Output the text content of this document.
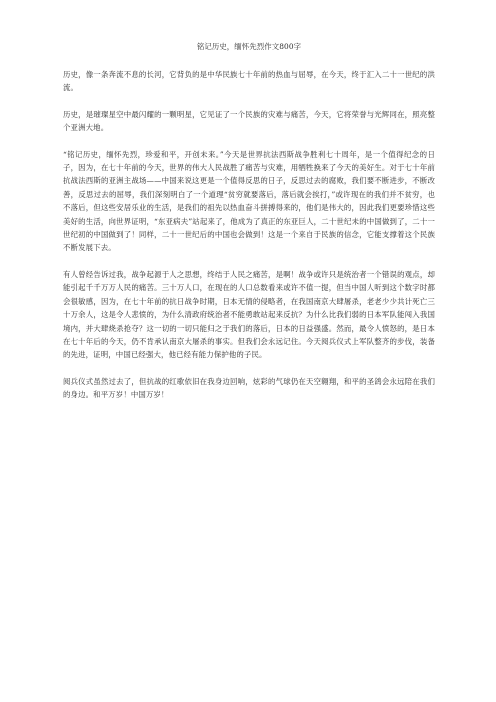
铭记历史，缅怀先烈作文800字

历史，像一条奔流不息的长河，它背负的是中华民族七十年前的热血与屈辱，在今天，终于汇入二十一世纪的洪流。

历史，是璀璨星空中最闪耀的一颗明星，它见证了一个民族的灾难与痛苦，今天，它将荣誉与光辉同在，照亮整个亚洲大地。

“铭记历史，缅怀先烈，珍爱和平，开创未来。”今天是世界抗法西斯战争胜利七十周年，是一个值得纪念的日子，因为，在七十年前的今天，世界的伟大人民战胜了痛苦与灾难，用牺牲换来了今天的美好生。对于七十年前抗战法西斯的亚洲主战场——中国来说这更是一个值得反思的日子，反思过去的腐败，我们要不断进步，不断改善，反思过去的屈辱，我们深刻明白了一个道理“贫穷就要落后，落后就会挨打，”或许现在的我们并不贫穷，也不落后，但这些安居乐业的生活，是我们的祖先以热血奋斗拼搏得来的，他们是伟大的，因此我们更要珍惜这些美好的生活，向世界证明，“东亚病夫”站起来了，他成为了真正的东亚巨人，二十世纪未的中国做到了，二十一世纪初的中国做到了！同样，二十一世纪后的中国也会做到！这是一个来自于民族的信念，它能支撑着这个民族不断发展下去。

有人曾经告诉过我，战争起源于人之思想，终结于人民之痛苦，是啊！战争或许只是统治者一个错误的观点，却能引起千千万万人民的痛苦。三十万人口，在现在的人口总数看来或许不值一提，但当中国人听到这个数字时都会很敏感，因为，在七十年前的抗日战争时期，日本无情的侵略者，在我国南京大肆屠杀，老老少少共计死亡三十万余人，这是令人悲愤的，为什么清政府统治者不能勇敢站起来反抗？为什么比我们弱的日本军队能闯入我国境内，并大肆烧杀抢夺？这一切的一切只能归之于我们的落后，日本的日益强盛。然而，最令人愤怒的，是日本在七十年后的今天，仍不肯承认南京大屠杀的事实。但我们会永远记住。今天阅兵仪式上军队整齐的步伐，装备的先进，证明，中国已经强大，他已经有能力保护他的子民。

阅兵仪式虽然过去了，但抗战的红歌依旧在我身边回响，炫彩的气球仍在天空翱翔，和平的圣鸽会永远陪在我们的身边。和平万岁！中国万岁！
